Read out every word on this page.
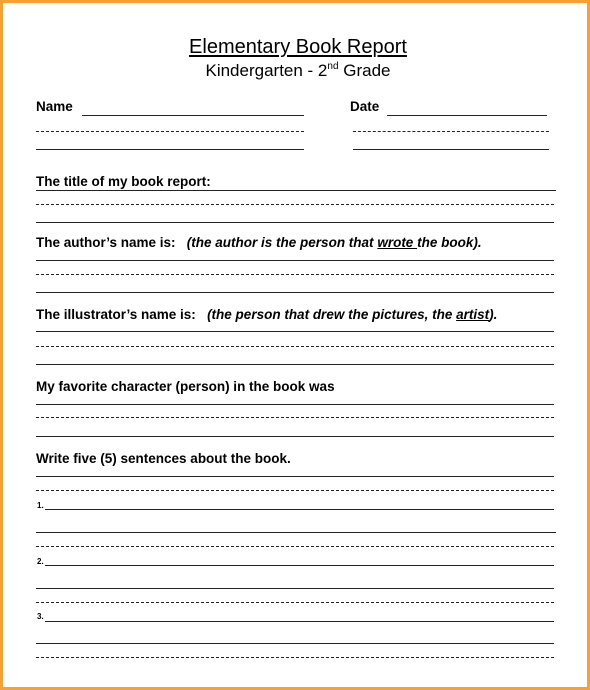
Elementary Book Report
Kindergarten - 2nd Grade
Name	Date
The title of my book report:
The author’s name is: (the author is the person that wrote the book).
The illustrator’s name is: (the person that drew the pictures, the artist).
My favorite character (person) in the book was
Write five (5) sentences about the book.
1.
2.
3.
